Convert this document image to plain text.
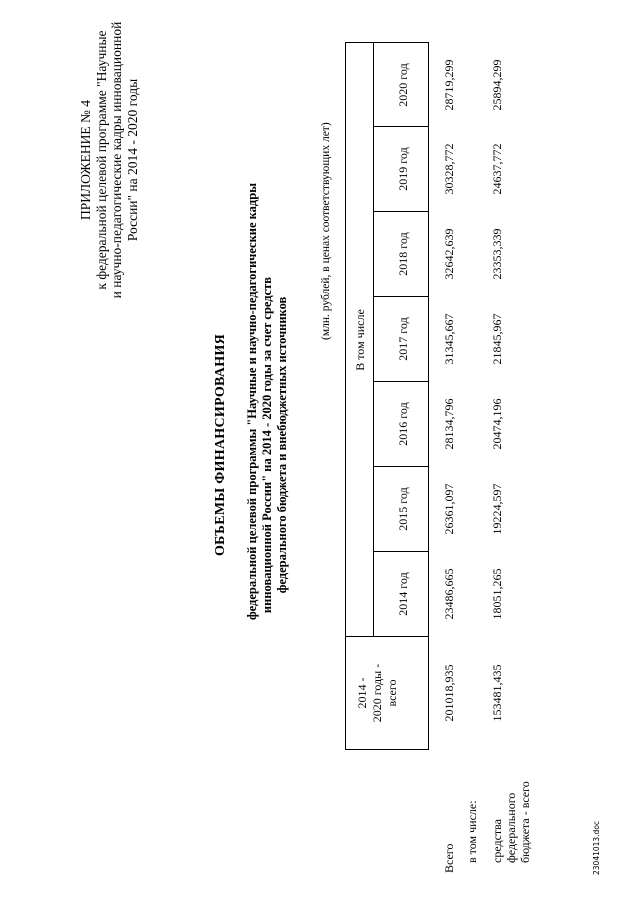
ПРИЛОЖЕНИЕ № 4 к федеральной целевой программе "Научные и научно-педагогические кадры инновационной России" на 2014 - 2020 годы
ОБЪЕМЫ ФИНАНСИРОВАНИЯ федеральной целевой программы "Научные и научно-педагогические кадры инновационной России" на 2014 - 2020 годы за счет средств федерального бюджета и внебюджетных источников
(млн. рублей, в ценах соответствующих лет)
2014 - 2020 годы - всего
В том числе
2014 год
2015 год
2016 год
2017 год
2018 год
2019 год
2020 год
Всего
201018,935
23486,665
26361,097
28134,796
31345,667
32642,639
30328,772
28719,299
в том числе: средства федерального бюджета - всего
153481,435
18051,265
19224,597
20474,196
21845,967
23353,339
24637,772
25894,299
23041013.doc
